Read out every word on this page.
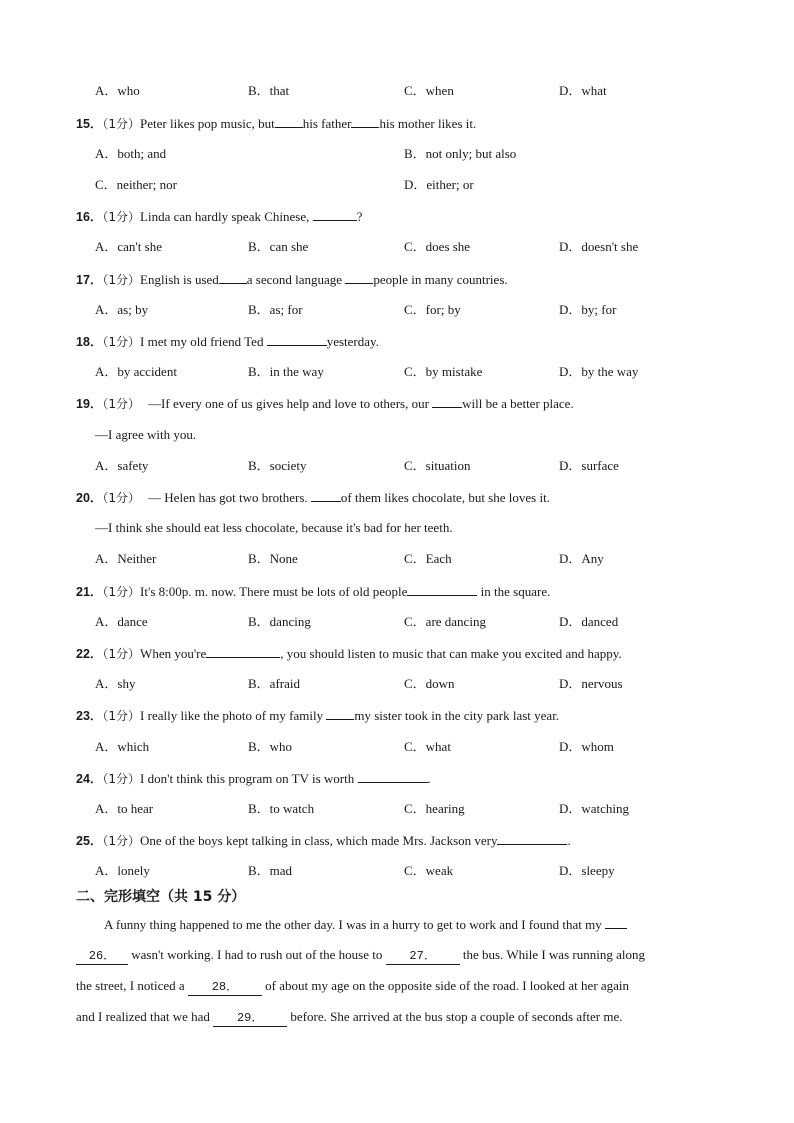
A．who	B．that	C．when	D．what
15．（1分）Peter likes pop music, but his father his mother likes it.
A．both; and	B．not only; but also
C．neither; nor	D．either; or
16．（1分）Linda can hardly speak Chinese,	?
A．can't she	B．can she	C．does she	D．doesn't she
17．（1分）English is used a second language people in many countries.
A．as; by	B．as; for	C．for; by	D．by; for
18．（1分）I met my old friend Ted	yesterday.
A．by accident	B．in the way	C．by mistake	D．by the way
19．（1分） —If every one of us gives help and love to others, our will be a better place.
—I agree with you.
A．safety	B．society	C．situation	D．surface
20．（1分） — Helen has got two brothers. of them likes chocolate, but she loves it.
—I think she should eat less chocolate, because it's bad for her teeth.
A．Neither	B．None	C．Each	D．Any
21．（1分）It's 8:00p. m. now. There must be lots of old people	in the square.
A．dance	B．dancing	C．are dancing	D．danced
22．（1分）When you're	, you should listen to music that can make you excited and happy.
A．shy	B．afraid	C．down	D．nervous
23．（1分）I really like the photo of my family my sister took in the city park last year.
A．which	B．who	C．what	D．whom
24．（1分）I don't think this program on TV is worth	.
A．to hear	B．to watch	C．hearing	D．watching
25．（1分）One of the boys kept talking in class, which made Mrs. Jackson very	.
A．lonely	B．mad	C．weak	D．sleepy
二、完形填空（共 15 分）
A funny thing happened to me the other day. I was in a hurry to get to work and I found that my
26． wasn't working. I had to rush out of the house to 27． the bus. While I was running along
the street, I noticed a 28． of about my age on the opposite side of the road. I looked at her again
and I realized that we had 29． before. She arrived at the bus stop a couple of seconds after me.
